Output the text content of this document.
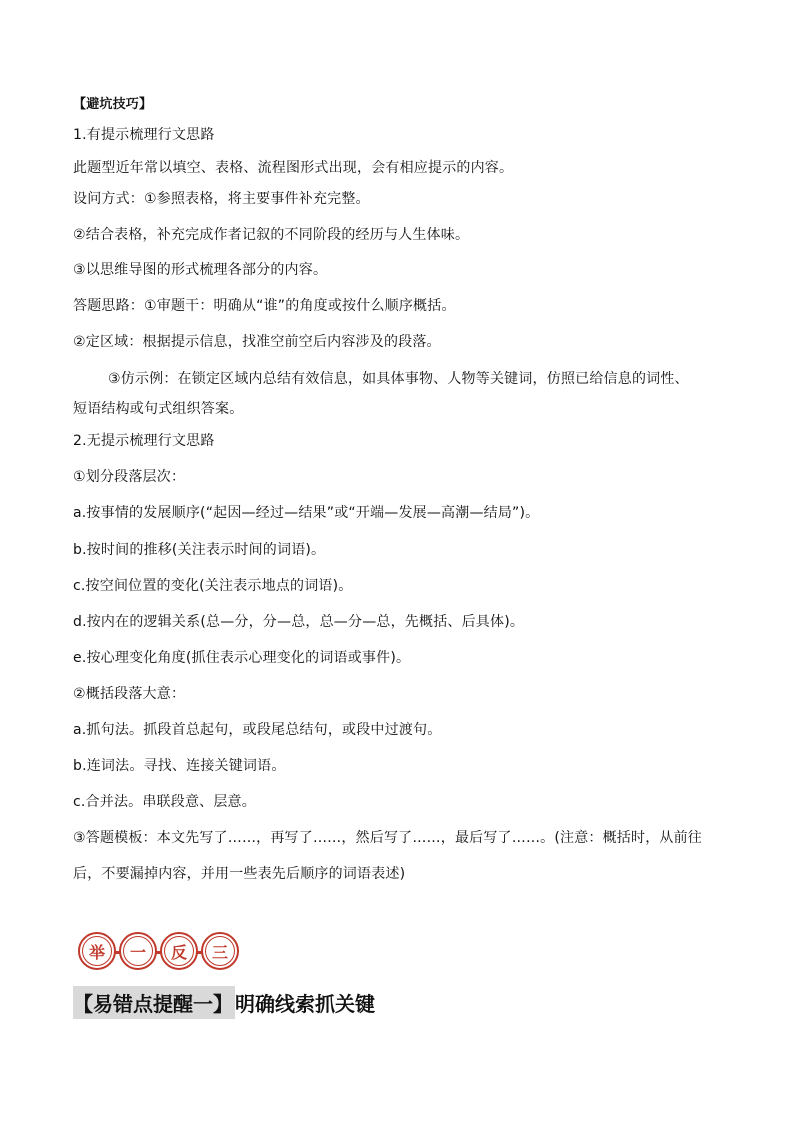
【避坑技巧】
1.有提示梳理行文思路
此题型近年常以填空、表格、流程图形式出现，会有相应提示的内容。
设问方式：①参照表格，将主要事件补充完整。
②结合表格，补充完成作者记叙的不同阶段的经历与人生体味。
③以思维导图的形式梳理各部分的内容。
答题思路：①审题干：明确从“谁”的角度或按什么顺序概括。
②定区域：根据提示信息，找准空前空后内容涉及的段落。
③仿示例：在锁定区域内总结有效信息，如具体事物、人物等关键词，仿照已给信息的词性、
短语结构或句式组织答案。
2.无提示梳理行文思路
①划分段落层次：
a.按事情的发展顺序(“起因—经过—结果”或“开端—发展—高潮—结局”)。
b.按时间的推移(关注表示时间的词语)。
c.按空间位置的变化(关注表示地点的词语)。
d.按内在的逻辑关系(总—分，分—总，总—分—总，先概括、后具体)。
e.按心理变化角度(抓住表示心理变化的词语或事件)。
②概括段落大意：
a.抓句法。抓段首总起句，或段尾总结句，或段中过渡句。
b.连词法。寻找、连接关键词语。
c.合并法。串联段意、层意。
③答题模板：本文先写了……，再写了……，然后写了……，最后写了……。(注意：概括时，从前往
后，不要漏掉内容，并用一些表先后顺序的词语表述)
举	一	反	三
【易错点提醒一】 明确线索抓关键
